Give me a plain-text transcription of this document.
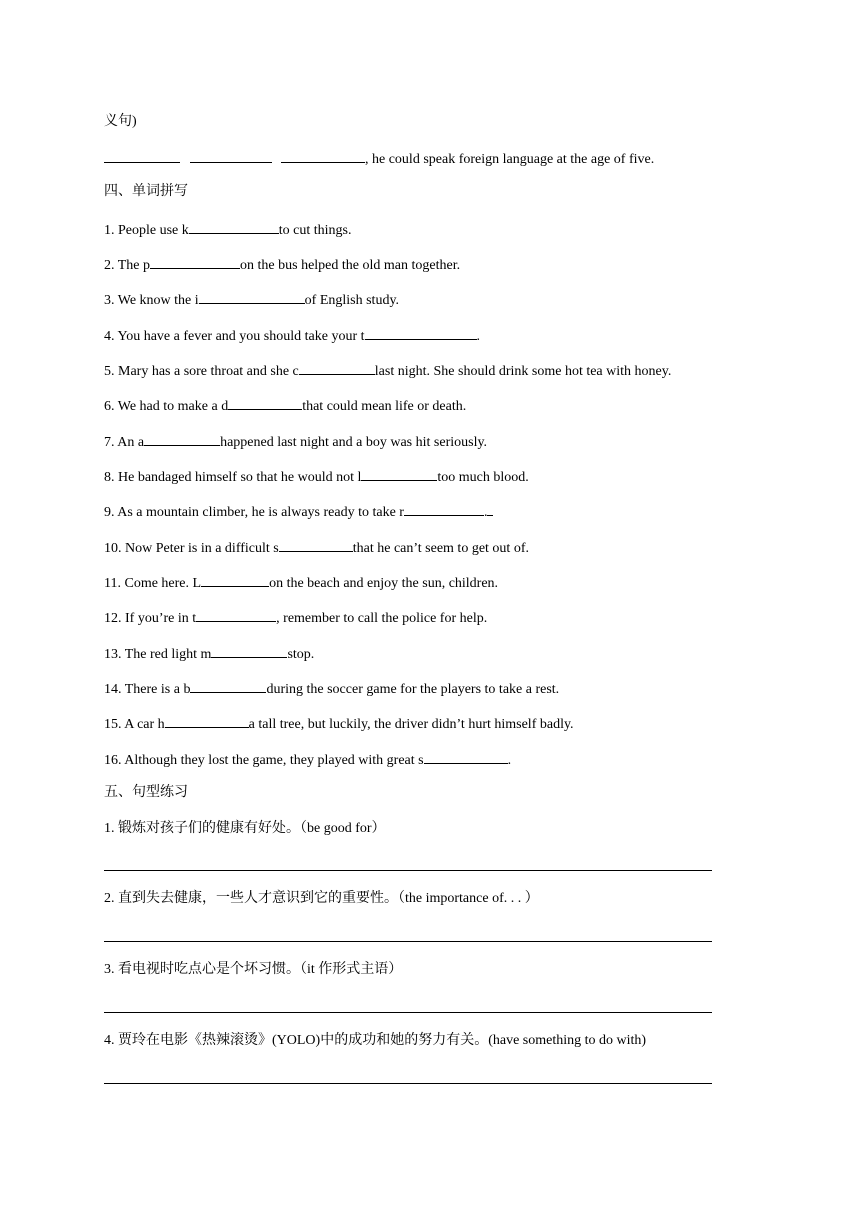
义句)
, he could speak foreign language at the age of five.
四、单词拼写
1. People use k	to cut things.
2. The p	on the bus helped the old man together.
3. We know the i	of English study.
4. You have a fever and you should take your t	.
5. Mary has a sore throat and she c	last night. She should drink some hot tea with honey.
6. We had to make a d	that could mean life or death.
7. An a	happened last night and a boy was hit seriously.
8. He bandaged himself so that he would not l	too much blood.
9. As a mountain climber, he is always ready to take r	.
10. Now Peter is in a difficult s	that he can’t seem to get out of.
11. Come here. L	on the beach and enjoy the sun, children.
12. If you’re in t	, remember to call the police for help.
13. The red light m	stop.
14. There is a b	during the soccer game for the players to take a rest.
15. A car h	a tall tree, but luckily, the driver didn’t hurt himself badly.
16. Although they lost the game, they played with great s	.
五、句型练习
1. 锻炼对孩子们的健康有好处。（be good for）
2. 直到失去健康，一些人才意识到它的重要性。（the importance of. . . ）
3. 看电视时吃点心是个坏习惯。（it 作形式主语）
4. 贾玲在电影《热辣滚烫》(YOLO)中的成功和她的努力有关。(have something to do with)
